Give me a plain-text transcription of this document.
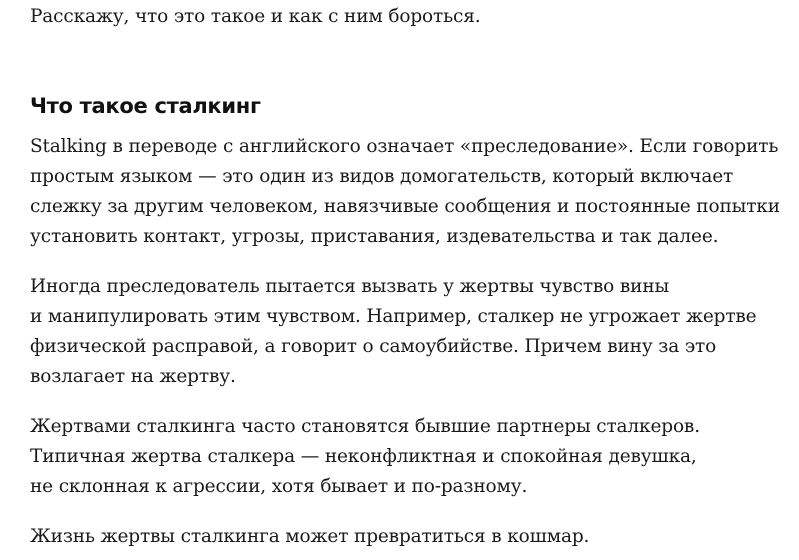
Расскажу, что это такое и как с ним бороться.
Что такое сталкинг
Stalking в переводе с английского означает «преследование». Если говорить
простым языком — это один из видов домогательств, который включает
слежку за другим человеком, навязчивые сообщения и постоянные попытки
установить контакт, угрозы, приставания, издевательства и так далее.
Иногда преследователь пытается вызвать у жертвы чувство вины
и манипулировать этим чувством. Например, сталкер не угрожает жертве
физической расправой, а говорит о самоубийстве. Причем вину за это
возлагает на жертву.
Жертвами сталкинга часто становятся бывшие партнеры сталкеров.
Типичная жертва сталкера — неконфликтная и спокойная девушка,
не склонная к агрессии, хотя бывает и по-разному.
Жизнь жертвы сталкинга может превратиться в кошмар.
